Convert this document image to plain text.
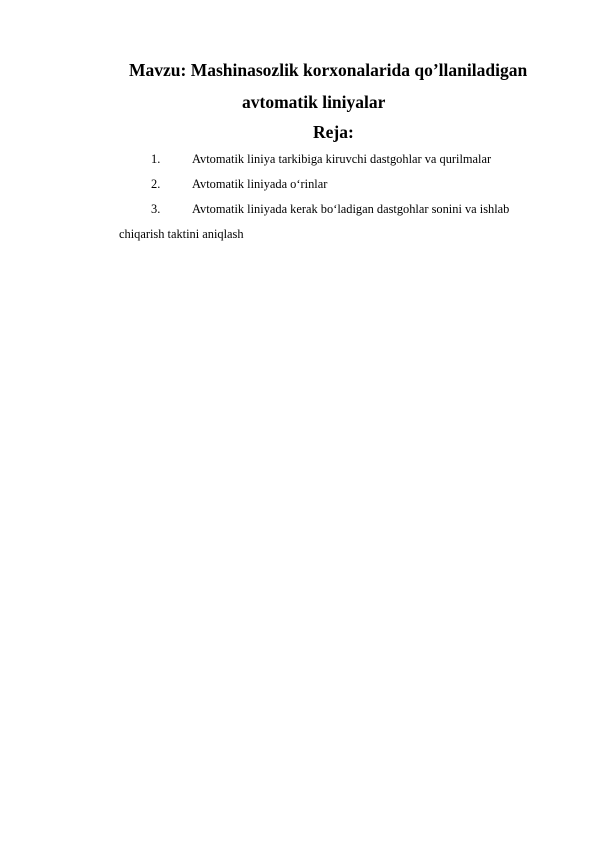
Mavzu: Mashinasozlik korxonalarida qo’llaniladigan
avtomatik liniyalar
Reja:
1.	Avtomatik liniya tarkibiga kiruvchi dastgohlar va qurilmalar
2.	Avtomatik liniyada o‘rinlar
3.	Avtomatik liniyada kerak bo‘ladigan dastgohlar sonini va ishlab
chiqarish taktini aniqlash
